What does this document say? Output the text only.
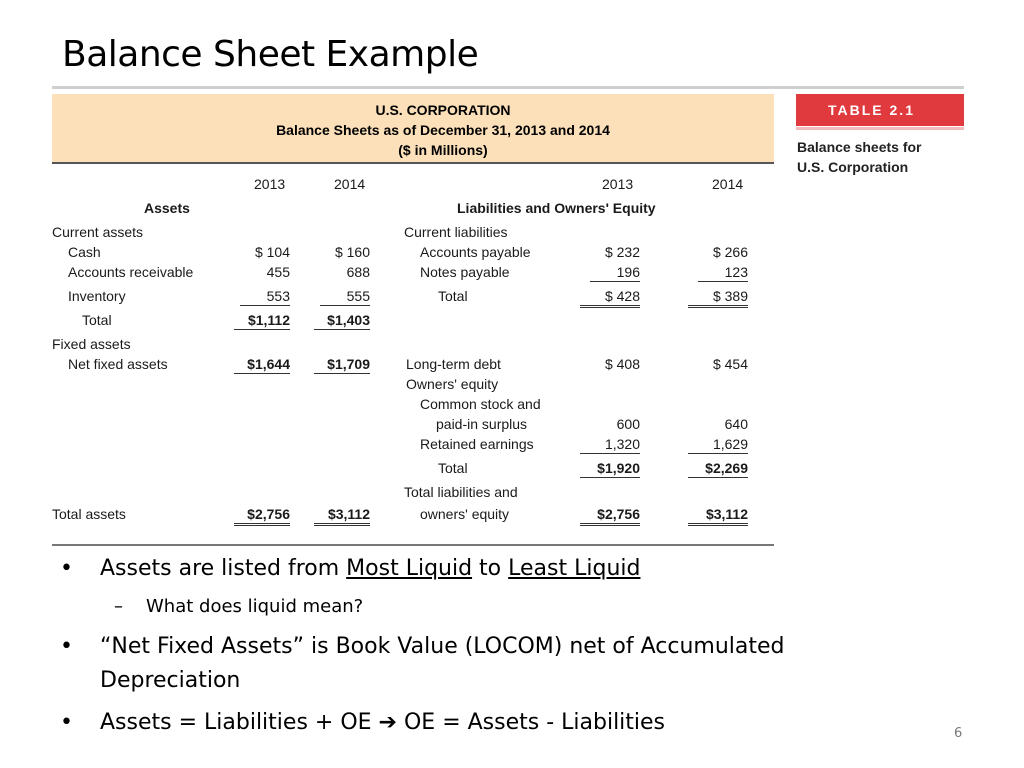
Balance Sheet Example
U.S. CORPORATION
Balance Sheets as of December 31, 2013 and 2014
($ in Millions)
2013	2014
Assets
Current assets
Cash	$ 104	$ 160
Accounts receivable	455	688
Inventory	553	555
Total	$1,112	$1,403
Fixed assets
Net fixed assets	$1,644	$1,709
Total assets	$2,756	$3,112
2013	2014
Liabilities and Owners' Equity
Current liabilities
Accounts payable	$ 232	$ 266
Notes payable	196	123
Total	$ 428	$ 389
Long-term debt	$ 408	$ 454
Owners' equity
Common stock and
paid-in surplus	600	640
Retained earnings	1,320	1,629
Total	$1,920	$2,269
Total liabilities and
owners' equity	$2,756	$3,112
TABLE 2.1
Balance sheets for
U.S. Corporation
• Assets are listed from Most Liquid to Least Liquid
– What does liquid mean?
• “Net Fixed Assets” is Book Value (LOCOM) net of Accumulated
Depreciation
• Assets = Liabilities + OE ➔ OE = Assets - Liabilities	6
